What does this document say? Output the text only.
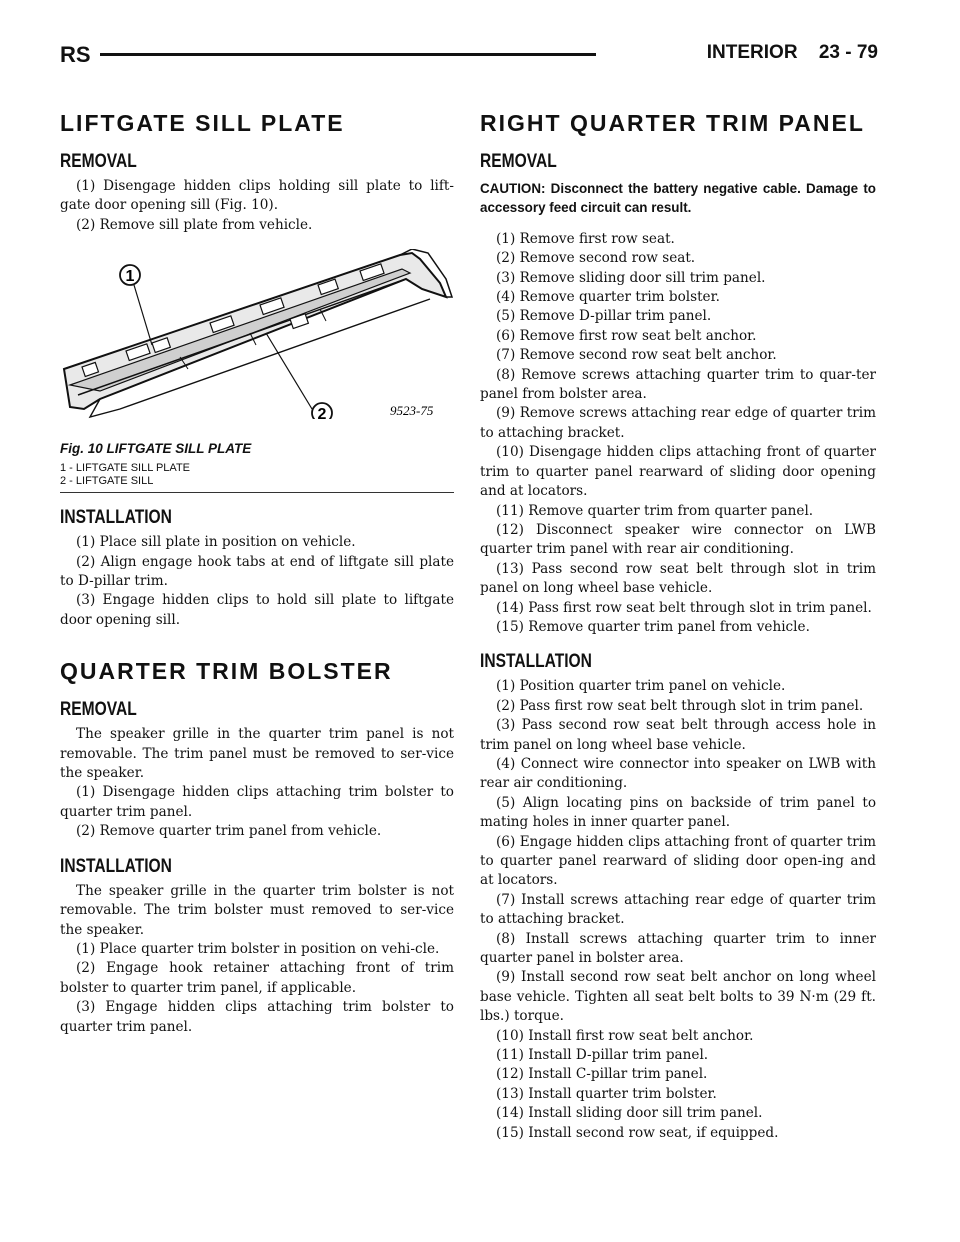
RS	INTERIOR 23 - 79
LIFTGATE SILL PLATE
REMOVAL

(1) Disengage hidden clips holding sill plate to lift-gate door opening sill (Fig. 10).

(2) Remove sill plate from vehicle.

1
2	9523-75
Fig. 10 LIFTGATE SILL PLATE
1 - LIFTGATE SILL PLATE
2 - LIFTGATE SILL
INSTALLATION

(1) Place sill plate in position on vehicle.

(2) Align engage hook tabs at end of liftgate sill plate to D-pillar trim.

(3) Engage hidden clips to hold sill plate to liftgate door opening sill.

QUARTER TRIM BOLSTER
REMOVAL

The speaker grille in the quarter trim panel is not removable. The trim panel must be removed to ser-vice the speaker.

(1) Disengage hidden clips attaching trim bolster to quarter trim panel.

(2) Remove quarter trim panel from vehicle.

INSTALLATION

The speaker grille in the quarter trim bolster is not removable. The trim bolster must removed to ser-vice the speaker.

(1) Place quarter trim bolster in position on vehi-cle.

(2) Engage hook retainer attaching front of trim bolster to quarter trim panel, if applicable.

(3) Engage hidden clips attaching trim bolster to quarter trim panel.

RIGHT QUARTER TRIM PANEL
REMOVAL

CAUTION: Disconnect the battery negative cable. Damage to accessory feed circuit can result.

(1) Remove first row seat.

(2) Remove second row seat.

(3) Remove sliding door sill trim panel.

(4) Remove quarter trim bolster.

(5) Remove D-pillar trim panel.

(6) Remove first row seat belt anchor.

(7) Remove second row seat belt anchor.

(8) Remove screws attaching quarter trim to quar-ter panel from bolster area.

(9) Remove screws attaching rear edge of quarter trim to attaching bracket.

(10) Disengage hidden clips attaching front of quarter trim to quarter panel rearward of sliding door opening and at locators.

(11) Remove quarter trim from quarter panel.

(12) Disconnect speaker wire connector on LWB quarter trim panel with rear air conditioning.

(13) Pass second row seat belt through slot in trim panel on long wheel base vehicle.

(14) Pass first row seat belt through slot in trim panel.

(15) Remove quarter trim panel from vehicle.

INSTALLATION

(1) Position quarter trim panel on vehicle.

(2) Pass first row seat belt through slot in trim panel.

(3) Pass second row seat belt through access hole in trim panel on long wheel base vehicle.

(4) Connect wire connector into speaker on LWB with rear air conditioning.

(5) Align locating pins on backside of trim panel to mating holes in inner quarter panel.

(6) Engage hidden clips attaching front of quarter trim to quarter panel rearward of sliding door open-ing and at locators.

(7) Install screws attaching rear edge of quarter trim to attaching bracket.

(8) Install screws attaching quarter trim to inner quarter panel in bolster area.

(9) Install second row seat belt anchor on long wheel base vehicle. Tighten all seat belt bolts to 39 N·m (29 ft. lbs.) torque.

(10) Install first row seat belt anchor.

(11) Install D-pillar trim panel.

(12) Install C-pillar trim panel.

(13) Install quarter trim bolster.

(14) Install sliding door sill trim panel.

(15) Install second row seat, if equipped.
